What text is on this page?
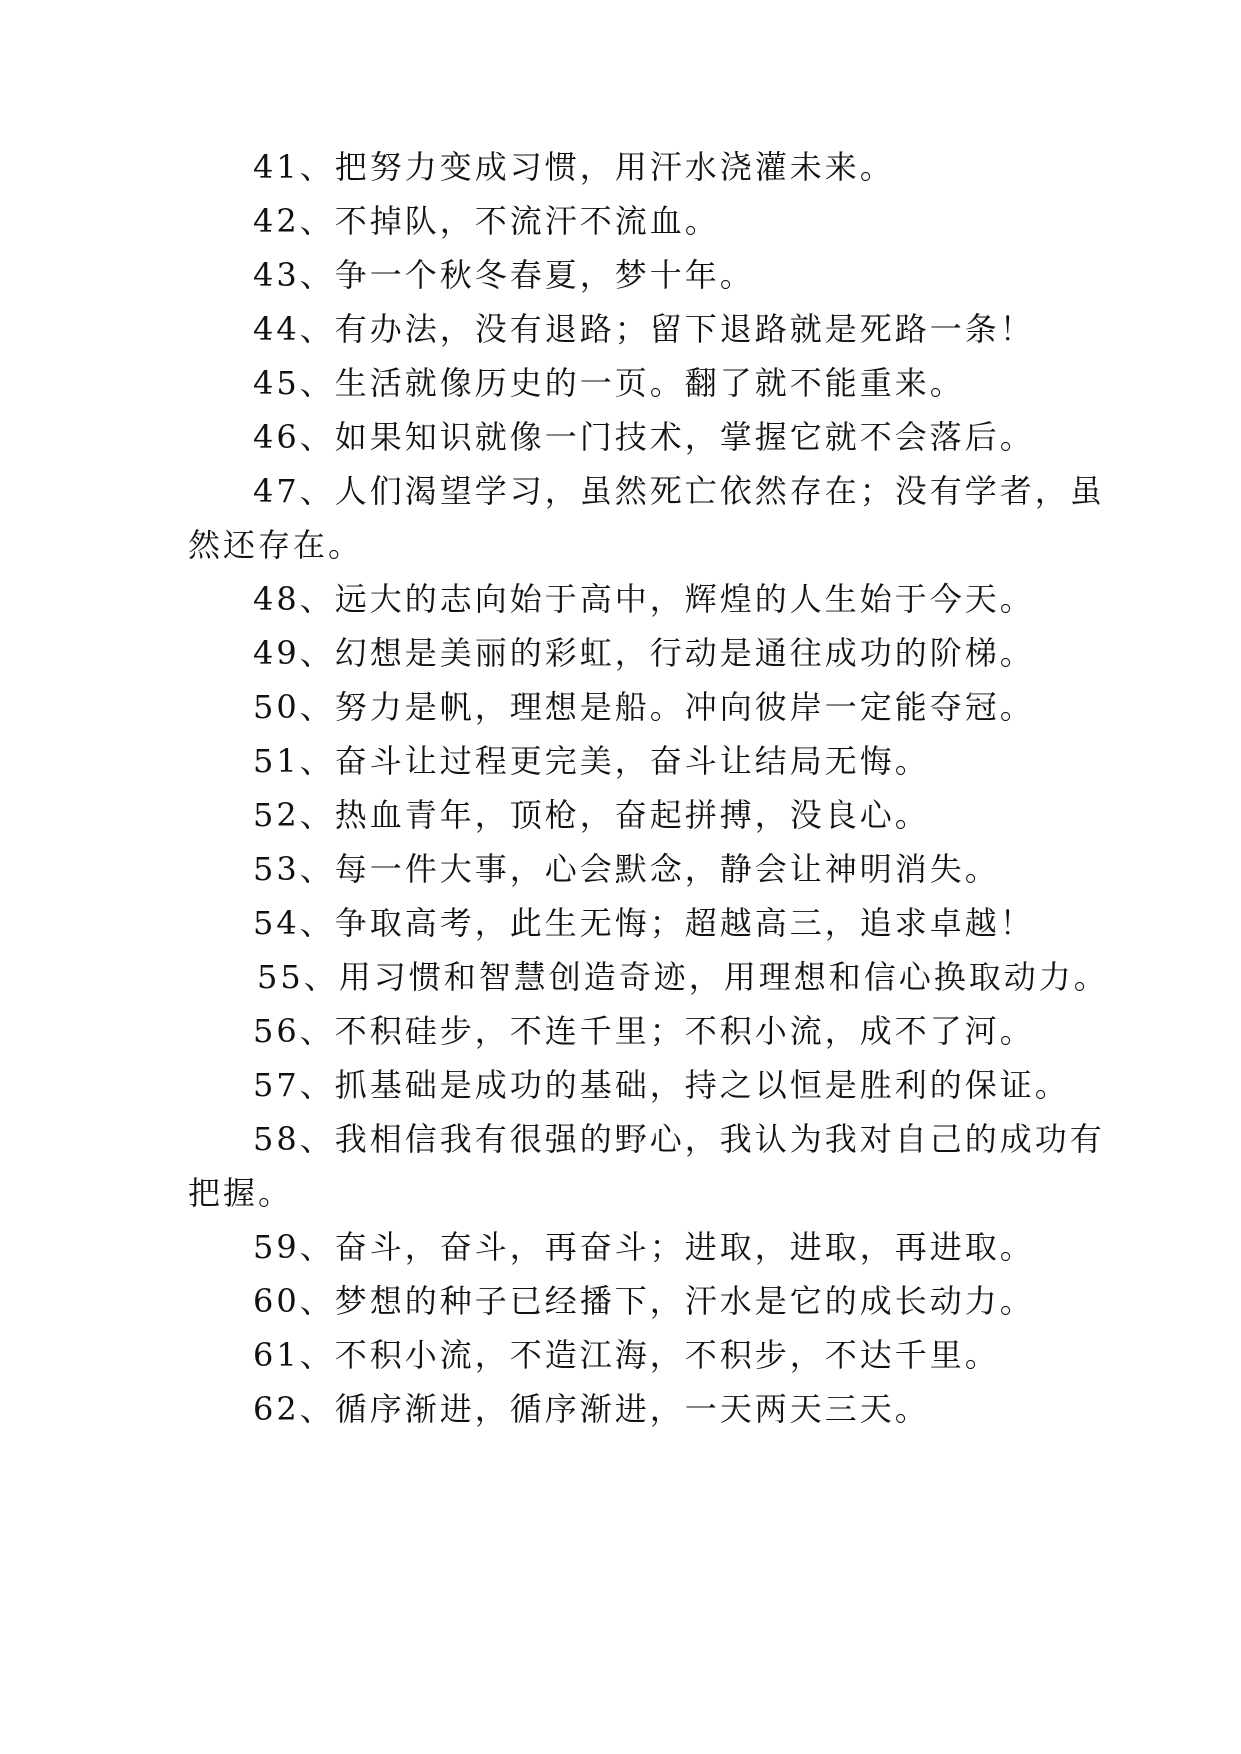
41、把努力变成习惯，用汗水浇灌未来。
42、不掉队，不流汗不流血。
43、争一个秋冬春夏，梦十年。
44、有办法，没有退路；留下退路就是死路一条！
45、生活就像历史的一页。翻了就不能重来。
46、如果知识就像一门技术，掌握它就不会落后。
47、人们渴望学习，虽然死亡依然存在；没有学者，虽
然还存在。
48、远大的志向始于高中，辉煌的人生始于今天。
49、幻想是美丽的彩虹，行动是通往成功的阶梯。
50、努力是帆，理想是船。冲向彼岸一定能夺冠。
51、奋斗让过程更完美，奋斗让结局无悔。
52、热血青年，顶枪，奋起拼搏，没良心。
53、每一件大事，心会默念，静会让神明消失。
54、争取高考，此生无悔；超越高三，追求卓越！
55、用习惯和智慧创造奇迹，用理想和信心换取动力。
56、不积硅步，不连千里；不积小流，成不了河。
57、抓基础是成功的基础，持之以恒是胜利的保证。
58、我相信我有很强的野心，我认为我对自己的成功有
把握。
59、奋斗，奋斗，再奋斗；进取，进取，再进取。
60、梦想的种子已经播下，汗水是它的成长动力。
61、不积小流，不造江海，不积步，不达千里。
62、循序渐进，循序渐进，一天两天三天。
